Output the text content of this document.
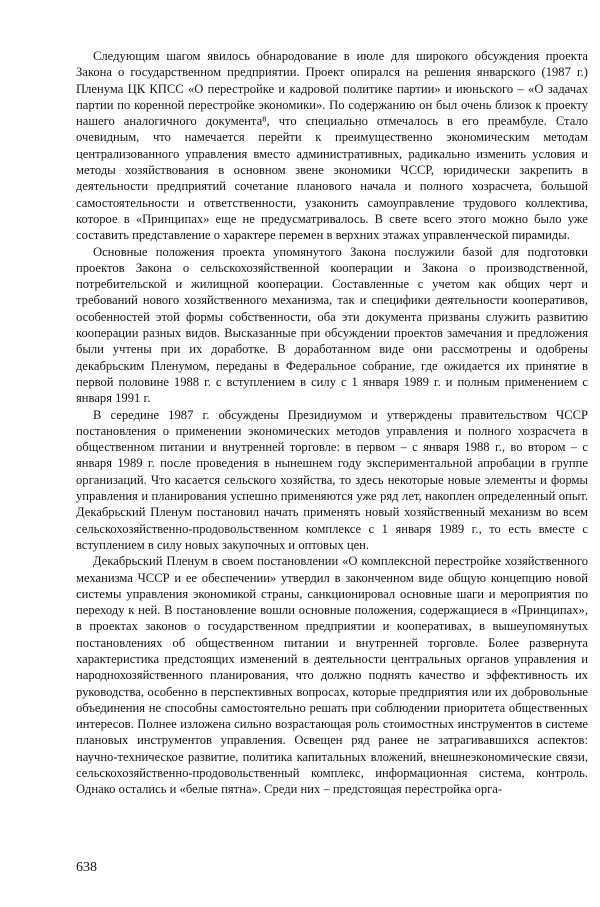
Следующим шагом явилось обнародование в июле для широкого обсуждения проекта Закона о государственном предприятии. Проект опирался на решения январского (1987 г.) Пленума ЦК КПСС «О перестройке и кадровой политике партии» и июньского – «О задачах партии по коренной перестройке экономики». По содержанию он был очень близок к проекту нашего аналогичного документа⁸, что специально отмечалось в его преамбуле. Стало очевидным, что намечается перейти к преимущественно экономическим методам централизованного управления вместо административных, радикально изменить условия и методы хозяйствования в основном звене экономики ЧССР, юридически закрепить в деятельности предприятий сочетание планового начала и полного хозрасчета, большой самостоятельности и ответственности, узаконить самоуправление трудового коллектива, которое в «Принципах» еще не предусматривалось. В свете всего этого можно было уже составить представление о характере перемен в верхних этажах управленческой пирамиды.

Основные положения проекта упомянутого Закона послужили базой для подготовки проектов Закона о сельскохозяйственной кооперации и Закона о производственной, потребительской и жилищной кооперации. Составленные с учетом как общих черт и требований нового хозяйственного механизма, так и специфики деятельности кооперативов, особенностей этой формы собственности, оба эти документа призваны служить развитию кооперации разных видов. Высказанные при обсуждении проектов замечания и предложения были учтены при их доработке. В доработанном виде они рассмотрены и одобрены декабрьским Пленумом, переданы в Федеральное собрание, где ожидается их принятие в первой половине 1988 г. с вступлением в силу с 1 января 1989 г. и полным применением с января 1991 г.

В середине 1987 г. обсуждены Президиумом и утверждены правительством ЧССР постановления о применении экономических методов управления и полного хозрасчета в общественном питании и внутренней торговле: в первом – с января 1988 г., во втором – с января 1989 г. после проведения в нынешнем году экспериментальной апробации в группе организаций. Что касается сельского хозяйства, то здесь некоторые новые элементы и формы управления и планирования успешно применяются уже ряд лет, накоплен определенный опыт. Декабрьский Пленум постановил начать применять новый хозяйственный механизм во всем сельскохозяйственно-продовольственном комплексе с 1 января 1989 г., то есть вместе с вступлением в силу новых закупочных и оптовых цен.

Декабрьский Пленум в своем постановлении «О комплексной перестройке хозяйственного механизма ЧССР и ее обеспечении» утвердил в законченном виде общую концепцию новой системы управления экономикой страны, санкционировал основные шаги и мероприятия по переходу к ней. В постановление вошли основные положения, содержащиеся в «Принципах», в проектах законов о государственном предприятии и кооперативах, в вышеупомянутых постановлениях об общественном питании и внутренней торговле. Более развернута характеристика предстоящих изменений в деятельности центральных органов управления и народнохозяйственного планирования, что должно поднять качество и эффективность их руководства, особенно в перспективных вопросах, которые предприятия или их добровольные объединения не способны самостоятельно решать при соблюдении приоритета общественных интересов. Полнее изложена сильно возрастающая роль стоимостных инструментов в системе плановых инструментов управления. Освещен ряд ранее не затрагивавшихся аспектов: научно-техническое развитие, политика капитальных вложений, внешнеэкономические связи, сельскохозяйственно-продовольственный комплекс, информационная система, контроль. Однако остались и «белые пятна». Среди них – предстоящая перестройка орга-

638
